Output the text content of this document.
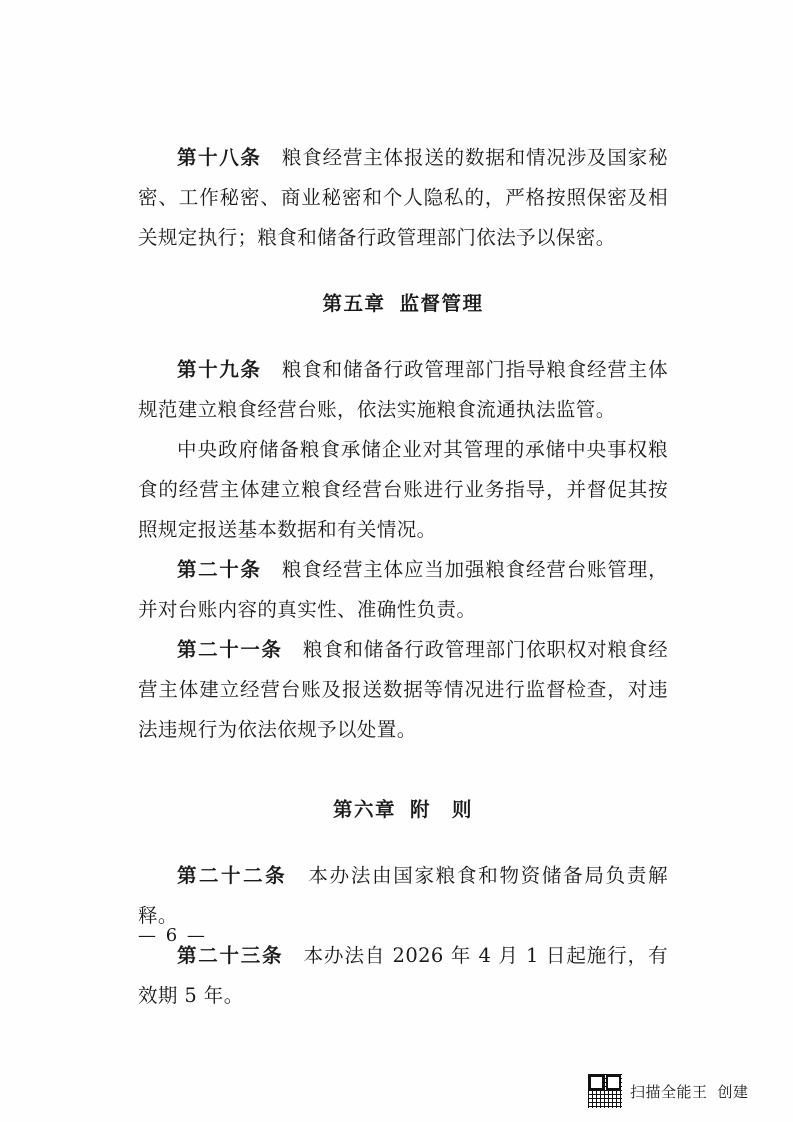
第十八条　粮食经营主体报送的数据和情况涉及国家秘密、工作秘密、商业秘密和个人隐私的，严格按照保密及相关规定执行；粮食和储备行政管理部门依法予以保密。

第五章 监督管理

第十九条　粮食和储备行政管理部门指导粮食经营主体规范建立粮食经营台账，依法实施粮食流通执法监管。

中央政府储备粮食承储企业对其管理的承储中央事权粮食的经营主体建立粮食经营台账进行业务指导，并督促其按照规定报送基本数据和有关情况。

第二十条　粮食经营主体应当加强粮食经营台账管理，并对台账内容的真实性、准确性负责。

第二十一条　粮食和储备行政管理部门依职权对粮食经营主体建立经营台账及报送数据等情况进行监督检查，对违法违规行为依法依规予以处置。

第六章 附　则

第二十二条　本办法由国家粮食和物资储备局负责解释。

第二十三条　本办法自 2026 年 4 月 1 日起施行，有效期 5 年。

— 6 —
扫描全能王 创建
